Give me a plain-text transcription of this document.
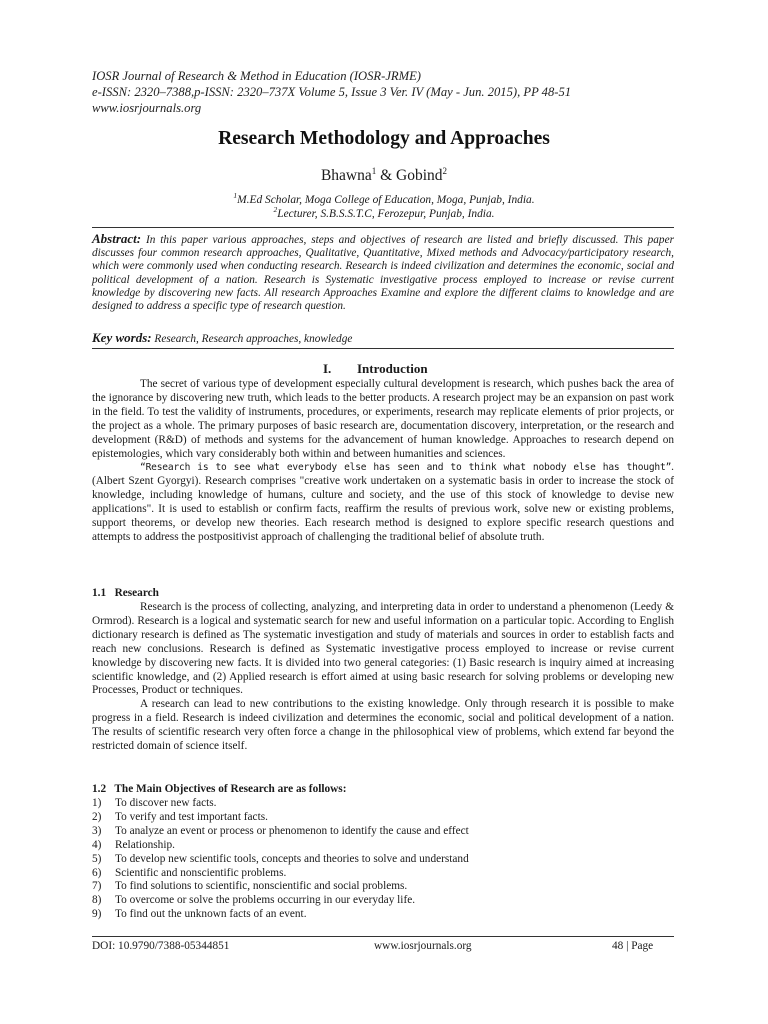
IOSR Journal of Research & Method in Education (IOSR-JRME)
e-ISSN: 2320–7388,p-ISSN: 2320–737X Volume 5, Issue 3 Ver. IV (May - Jun. 2015), PP 48-51
www.iosrjournals.org
Research Methodology and Approaches
Bhawna$^1$ & Gobind$^2$
$^1$M.Ed Scholar, Moga College of Education, Moga, Punjab, India.
$^2$Lecturer, S.B.S.S.T.C, Ferozepur, Punjab, India.
Abstract: In this paper various approaches, steps and objectives of research are listed and briefly discussed. This paper discusses four common research approaches, Qualitative, Quantitative, Mixed methods and Advocacy/participatory research, which were commonly used when conducting research. Research is indeed civilization and determines the economic, social and political development of a nation. Research is Systematic investigative process employed to increase or revise current knowledge by discovering new facts. All research Approaches Examine and explore the different claims to knowledge and are designed to address a specific type of research question.
Key words: Research, Research approaches, knowledge
I. Introduction

The secret of various type of development especially cultural development is research, which pushes back the area of the ignorance by discovering new truth, which leads to the better products. A research project may be an expansion on past work in the field. To test the validity of instruments, procedures, or experiments, research may replicate elements of prior projects, or the project as a whole. The primary purposes of basic research are, documentation discovery, interpretation, or the research and development (R&D) of methods and systems for the advancement of human knowledge. Approaches to research depend on epistemologies, which vary considerably both within and between humanities and sciences.

“Research is to see what everybody else has seen and to think what nobody else has thought”. (Albert Szent Gyorgyi). Research comprises "creative work undertaken on a systematic basis in order to increase the stock of knowledge, including knowledge of humans, culture and society, and the use of this stock of knowledge to devise new applications". It is used to establish or confirm facts, reaffirm the results of previous work, solve new or existing problems, support theorems, or develop new theories. Each research method is designed to explore specific research questions and attempts to address the postpositivist approach of challenging the traditional belief of absolute truth.

1.1   Research

Research is the process of collecting, analyzing, and interpreting data in order to understand a phenomenon (Leedy & Ormrod). Research is a logical and systematic search for new and useful information on a particular topic. According to English dictionary research is defined as The systematic investigation and study of materials and sources in order to establish facts and reach new conclusions. Research is defined as Systematic investigative process employed to increase or revise current knowledge by discovering new facts. It is divided into two general categories: (1) Basic research is inquiry aimed at increasing scientific knowledge, and (2) Applied research is effort aimed at using basic research for solving problems or developing new Processes, Product or techniques.

A research can lead to new contributions to the existing knowledge. Only through research it is possible to make progress in a field. Research is indeed civilization and determines the economic, social and political development of a nation. The results of scientific research very often force a change in the philosophical view of problems, which extend far beyond the restricted domain of science itself.

1.2   The Main Objectives of Research are as follows:
1)	To discover new facts.
2)	To verify and test important facts.
3)	To analyze an event or process or phenomenon to identify the cause and effect
4)	Relationship.
5)	To develop new scientific tools, concepts and theories to solve and understand
6)	Scientific and nonscientific problems.
7)	To find solutions to scientific, nonscientific and social problems.
8)	To overcome or solve the problems occurring in our everyday life.
9)	To find out the unknown facts of an event.
DOI: 10.9790/7388-05344851	www.iosrjournals.org	48 | Page
